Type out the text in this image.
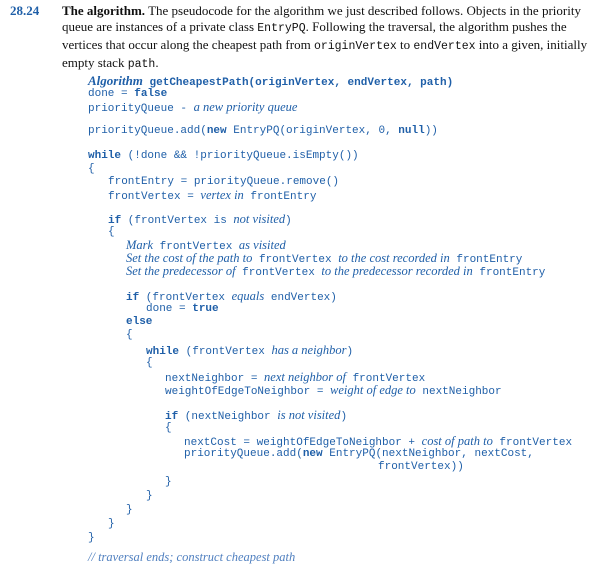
28.24 The algorithm. The pseudocode for the algorithm we just described follows. Objects in the priority queue are instances of a private class EntryPQ. Following the traversal, the algorithm pushes the vertices that occur along the cheapest path from originVertex to endVertex into a given, initially empty stack path.
Algorithm getCheapestPath(originVertex, endVertex, path)
done = false
priorityQueue - a new priority queue
priorityQueue.add(new EntryPQ(originVertex, 0, null))
while (!done && !priorityQueue.isEmpty())
{
frontEntry = priorityQueue.remove()
frontVertex = vertex in frontEntry
if (frontVertex is not visited)
{
Mark frontVertex as visited
Set the cost of the path to frontVertex to the cost recorded in frontEntry
Set the predecessor of frontVertex to the predecessor recorded in frontEntry
if (frontVertex equals endVertex)
done = true
else
{
while (frontVertex has a neighbor)
{
nextNeighbor = next neighbor of frontVertex
weightOfEdgeToNeighbor = weight of edge to nextNeighbor
if (nextNeighbor is not visited)
{
nextCost = weightOfEdgeToNeighbor + cost of path to frontVertex
priorityQueue.add(new EntryPQ(nextNeighbor, nextCost,
frontVertex))
}
}
}
}
}
// traversal ends; construct cheapest path
